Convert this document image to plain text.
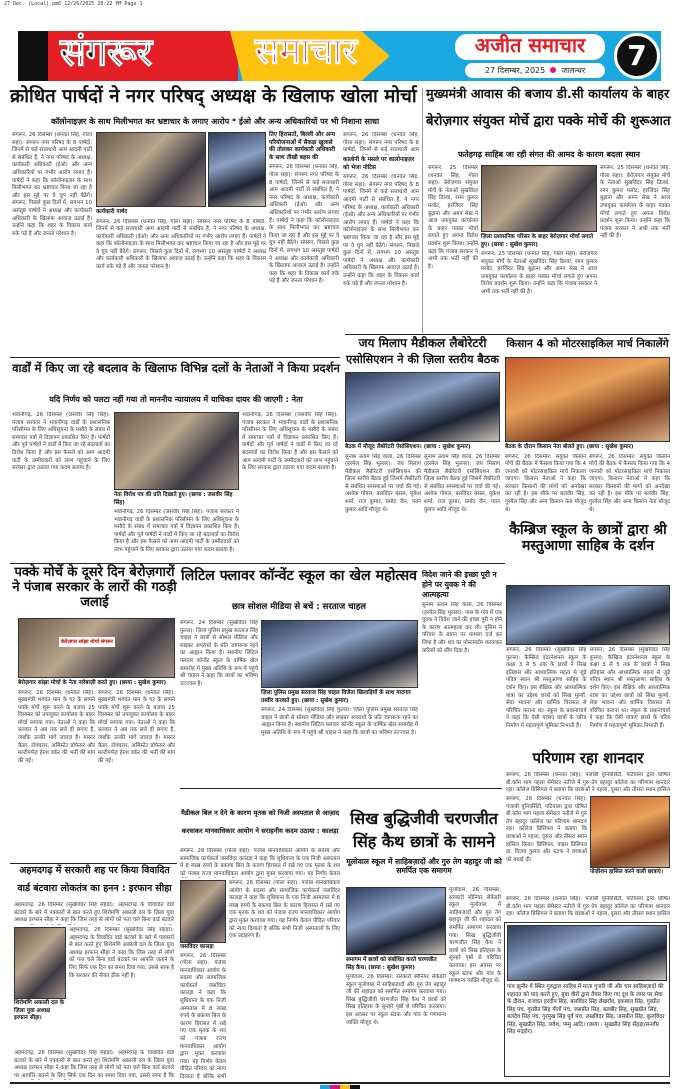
27 Dec. (Local).pm6 12/26/2025 10:22 PM Page 1
संगरूर	समाचार	अजीत समाचार
27 दिसम्बर, 2025 जालन्धर	7
क्रोधित पार्षदों ने नगर परिषद् अध्यक्ष के खिलाफ खोला मोर्चा
कॉलोनाइज़र के साथ मिलीभगत कर भ्रष्टाचार के लगाए आरोप * ईओ और अन्य अधिकारियों पर भी निशाना साधा
संगरूर, 26 दिसम्बर (धनवंत सिंह, गोला सहा): संगरूर नगर परिषद के 8 पार्षदों, जिनमें से कई सत्ताधारी आम आदमी पार्टी से संबंधित हैं, ने नगर परिषद के अध्यक्ष, कार्यकारी अधिकारी (ईओ) और अन्य अधिकारियों पर गंभीर आरोप लगाए हैं। पार्षदों ने कहा कि कॉलोनाइज़र के साथ मिलीभगत कर भ्रष्टाचार किया जा रहा है और इस मुद्दे पर वे चुप नहीं बैठेंगे। संगरूर, पिछले कुछ दिनों में, लगभग 10 असंतुष्ट पार्षदों ने अध्यक्ष और कार्यकारी अधिकारी के खिलाफ आवाज़ उठाई है। उन्होंने कहा कि शहर के विकास कार्य रुके पड़े हैं और जनता परेशान है।
कार्यकारी पार्षद
संगरूर, 26 दिसम्बर (धनवंत सिंह, गोला सहा): संगरूर नगर परिषद के 8 पार्षदों, जिनमें से कई सत्ताधारी आम आदमी पार्टी से संबंधित हैं, ने नगर परिषद के अध्यक्ष, कार्यकारी अधिकारी (ईओ) और अन्य अधिकारियों पर गंभीर आरोप लगाए हैं। पार्षदों ने कहा कि कॉलोनाइज़र के साथ मिलीभगत कर भ्रष्टाचार किया जा रहा है और इस मुद्दे पर वे चुप नहीं बैठेंगे। संगरूर, पिछले कुछ दिनों में, लगभग 10 असंतुष्ट पार्षदों ने अध्यक्ष और कार्यकारी अधिकारी के खिलाफ आवाज़ उठाई है। उन्होंने कहा कि शहर के विकास कार्य रुके पड़े हैं और जनता परेशान है।
तिए हिरासतों, बिल्ली और अन्य परियोजनाओं में सैकड़ा खुलासे की तोलकर कार्यकारी अधिकारी के साथ तीखी बहस की
संगरूर, 26 दिसम्बर (धनवंत सिंह, गोला सहा): संगरूर नगर परिषद के 8 पार्षदों, जिनमें से कई सत्ताधारी आम आदमी पार्टी से संबंधित हैं, ने नगर परिषद के अध्यक्ष, कार्यकारी अधिकारी (ईओ) और अन्य अधिकारियों पर गंभीर आरोप लगाए हैं। पार्षदों ने कहा कि कॉलोनाइज़र के साथ मिलीभगत कर भ्रष्टाचार किया जा रहा है और इस मुद्दे पर वे चुप नहीं बैठेंगे। संगरूर, पिछले कुछ दिनों में, लगभग 10 असंतुष्ट पार्षदों ने अध्यक्ष और कार्यकारी अधिकारी के खिलाफ आवाज़ उठाई है। उन्होंने कहा कि शहर के विकास कार्य रुके पड़े हैं और जनता परेशान है।
संगरूर, 26 दिसम्बर (धनवंत सिंह, गोला सहा): संगरूर नगर परिषद के 8 पार्षदों, जिनमें से कई सत्ताधारी आम
कालोनी के मसले पर कालोनाइज़र को भेजा नोटिस
संगरूर, 26 दिसम्बर (धनवंत सिंह, गोला सहा): संगरूर नगर परिषद के 8 पार्षदों, जिनमें से कई सत्ताधारी आम आदमी पार्टी से संबंधित हैं, ने नगर परिषद के अध्यक्ष, कार्यकारी अधिकारी (ईओ) और अन्य अधिकारियों पर गंभीर आरोप लगाए हैं। पार्षदों ने कहा कि कॉलोनाइज़र के साथ मिलीभगत कर भ्रष्टाचार किया जा रहा है और इस मुद्दे पर वे चुप नहीं बैठेंगे। संगरूर, पिछले कुछ दिनों में, लगभग 10 असंतुष्ट पार्षदों ने अध्यक्ष और कार्यकारी अधिकारी के खिलाफ आवाज़ उठाई है। उन्होंने कहा कि शहर के विकास कार्य रुके पड़े हैं और जनता परेशान है।
मुख्यमंत्री आवास की बजाय डी.सी कार्यालय के बाहर
बेरोज़गार संयुक्त मोर्चे द्वारा पक्के मोर्चे की शुरूआत
फतेहगढ़ साहिब जा रही संगत की आमद के कारण बदला स्थान
संगरूर, 25 दिसम्बर (धनवंत सिंह, गोला सहा): बेरोज़गार संयुक्त मोर्चे के नेताओं सुखविंदर सिंह ढिल्वां, रमन कुमार मलोट, हरजिंदर सिंह बुढ़ाना और अमन सेख ने आज उपायुक्त कार्यालय के बाहर पक्का मोर्चा लगाते हुए अपना विरोध प्रदर्शन शुरू किया। उन्होंने कहा कि पंजाब सरकार ने अभी तक भर्ती नहीं की है।
ज़िला प्रशासनिक परिसर के बाहर बेरोज़गार मोर्चा लगाते हुए। (छाया : सुखेश कुमार)
संगरूर, 25 दिसम्बर (धनवंत सिंह, गोला सहा): बेरोज़गार संयुक्त मोर्चे के नेताओं सुखविंदर सिंह ढिल्वां, रमन कुमार मलोट, हरजिंदर सिंह बुढ़ाना और अमन सेख ने आज उपायुक्त कार्यालय के बाहर पक्का मोर्चा लगाते हुए अपना विरोध प्रदर्शन शुरू किया। उन्होंने कहा कि पंजाब सरकार ने अभी तक भर्ती नहीं की है।
संगरूर, 25 दिसम्बर (धनवंत सिंह, गोला सहा): बेरोज़गार संयुक्त मोर्चे के नेताओं सुखविंदर सिंह ढिल्वां, रमन कुमार मलोट, हरजिंदर सिंह बुढ़ाना और अमन सेख ने आज उपायुक्त कार्यालय के बाहर पक्का मोर्चा लगाते हुए अपना विरोध प्रदर्शन शुरू किया। उन्होंने कहा कि पंजाब सरकार ने अभी तक भर्ती नहीं की है।
जय मिलाप मैडीकल लैबोरेटरी
एसोसिएशन ने की ज़िला स्तरीय बैठक
बैठक में मौजूद लैबोरेटरी ऐसोसिएशन। (छाया : सुखेश कुमार)
सुनाम ऊधम सिंह वाला, 26 दिसम्बर (हरमेल सिंह भुल्लर): जय मिलाप मैडीकल लैबोरेटरी एसोसिएशन की ज़िला स्तरीय बैठक हुई जिसमें लैबोरेटरी से संबंधित समस्याओं पर चर्चा की गई। अशोक गोयल, बलविंदर बंसल, मुकेश शर्मा, राज कुमार, प्रमोद जैन, पवन कुमार आदि मौजूद थे।
सुनाम ऊधम सिंह वाला, 26 दिसम्बर (हरमेल सिंह भुल्लर): जय मिलाप मैडीकल लैबोरेटरी एसोसिएशन की ज़िला स्तरीय बैठक हुई जिसमें लैबोरेटरी से संबंधित समस्याओं पर चर्चा की गई। अशोक गोयल, बलविंदर बंसल, मुकेश शर्मा, राज कुमार, प्रमोद जैन, पवन कुमार आदि मौजूद थे।
किसान 4 को मोटरसाइकिल मार्च निकालेंगे
बैठक के दौरान किसान नेता बोलते हुए। (छाया : सुखेश कुमार)
संगरूर, 26 दिसम्बर: संयुक्त किसान मोर्चे की बैठक में फैसला किया गया कि 4 जनवरी को मोटरसाइकिल मार्च निकाला जाएगा। किसान नेताओं ने कहा कि सरकार किसानों की मांगों को अनदेखा कर रही है। इस मौके पर बलवीर सिंह, गुरमेल सिंह और अन्य किसान नेता मौजूद थे।
संगरूर, 26 दिसम्बर: संयुक्त किसान मोर्चे की बैठक में फैसला किया गया कि 4 जनवरी को मोटरसाइकिल मार्च निकाला जाएगा। किसान नेताओं ने कहा कि सरकार किसानों की मांगों को अनदेखा कर रही है। इस मौके पर बलवीर सिंह, गुरमेल सिंह और अन्य किसान नेता मौजूद थे।
वार्डों में किए जा रहे बदलाव के खिलाफ विभिन्न दलों के नेताओं ने किया प्रदर्शन
यदि निर्णय को पलटा नहीं गया तो माननीय न्यायालय में याचिका दायर की जाएगी : नेता
भवानीगढ़, 26 दिसम्बर (जसवीर सिंह सिंह): पंजाब सरकार ने भवानीगढ़ वार्डों के प्रशासनिक परिसीमन के लिए अधिसूचना के मसौदे के संबंध में समाचार पत्रों में विज्ञापन प्रकाशित किए हैं। पार्षदों और पूर्व पार्षदों ने वार्डों में किए जा रहे बदलावों का विरोध किया है और इस फैसले को आम आदमी पार्टी के उम्मीदवारों को लाभ पहुंचाने के लिए सरकार द्वारा उठाया गया कदम बताया है।
नेता विरोध पत्र की प्रति दिखाते हुए। (छाया : जसवीर सिंह सिंह)
भवानीगढ़, 26 दिसम्बर (जसवीर सिंह सिंह): पंजाब सरकार ने भवानीगढ़ वार्डों के प्रशासनिक परिसीमन के लिए अधिसूचना के मसौदे के संबंध में समाचार पत्रों में विज्ञापन प्रकाशित किए हैं। पार्षदों और पूर्व पार्षदों ने वार्डों में किए जा रहे बदलावों का विरोध किया है और इस फैसले को आम आदमी पार्टी के उम्मीदवारों को लाभ पहुंचाने के लिए सरकार द्वारा उठाया गया कदम बताया है।
भवानीगढ़, 26 दिसम्बर (जसवीर सिंह सिंह): पंजाब सरकार ने भवानीगढ़ वार्डों के प्रशासनिक परिसीमन के लिए अधिसूचना के मसौदे के संबंध में समाचार पत्रों में विज्ञापन प्रकाशित किए हैं। पार्षदों और पूर्व पार्षदों ने वार्डों में किए जा रहे बदलावों का विरोध किया है और इस फैसले को आम आदमी पार्टी के उम्मीदवारों को लाभ पहुंचाने के लिए सरकार द्वारा उठाया गया कदम बताया है।
कैम्ब्रिज स्कूल के छात्रों द्वारा श्री मस्तुआणा साहिब के दर्शन
संगरूर, 26 दिसम्बर (सुखविंदर सिंह फुल्ल): कैम्ब्रिज इंटरनेशनल स्कूल के कक्षा 3 से 5 तक के छात्रों ने सिख इतिहास और आध्यात्मिक महत्व से जुड़े पवित्र स्थान श्री मस्तुआणा साहिब के दर्शन किए। इस शैक्षिक और आध्यात्मिक यात्रा का उद्देश्य छात्रों को सिख मूल्यों, सेवा भावना और धार्मिक विरासत से परिचित कराना था। स्कूल के प्रधानाचार्य ने कहा कि ऐसी यात्राएं छात्रों के चरित्र निर्माण में महत्वपूर्ण भूमिका निभाती हैं।
संगरूर, 26 दिसम्बर (सुखविंदर सिंह फुल्ल): कैम्ब्रिज इंटरनेशनल स्कूल के कक्षा 3 से 5 तक के छात्रों ने सिख इतिहास और आध्यात्मिक महत्व से जुड़े पवित्र स्थान श्री मस्तुआणा साहिब के दर्शन किए। इस शैक्षिक और आध्यात्मिक यात्रा का उद्देश्य छात्रों को सिख मूल्यों, सेवा भावना और धार्मिक विरासत से परिचित कराना था। स्कूल के प्रधानाचार्य ने कहा कि ऐसी यात्राएं छात्रों के चरित्र निर्माण में महत्वपूर्ण भूमिका निभाती हैं।
पक्के मोर्चे के दूसरे दिन बेरोज़गारों ने पंजाब सरकार के लारों की गठड़ी जलाई
बेरोज़गार सांझा मोर्चा संगरूर
बेरोज़गार सांझा मोर्चा के नेता नारेबाज़ी करते हुए। (छाया : सुखेश कुमार)
संगरूर, 26 दिसम्बर (धनवंत सिंह): मुख्यमंत्री भगवंत मान के घर के सामने पक्के मोर्चे शुरू करने के बजाय 25 दिसम्बर को उपायुक्त कार्यालय के बाहर मोर्चा लगाया गया। नेताओं ने कहा कि सरकार ने अब तक लारे ही लगाए हैं, जबकि उनकी मांगें जायज़ हैं। मास्टर कैडर, लेक्चरार, असिस्टेंट प्रोफेसर और मल्टीपर्पज़ हेल्थ वर्कर की भर्ती की मांग की गई।
संगरूर, 26 दिसम्बर (धनवंत सिंह): मुख्यमंत्री भगवंत मान के घर के सामने पक्के मोर्चे शुरू करने के बजाय 25 दिसम्बर को उपायुक्त कार्यालय के बाहर मोर्चा लगाया गया। नेताओं ने कहा कि सरकार ने अब तक लारे ही लगाए हैं, जबकि उनकी मांगें जायज़ हैं। मास्टर कैडर, लेक्चरार, असिस्टेंट प्रोफेसर और मल्टीपर्पज़ हेल्थ वर्कर की भर्ती की मांग की गई।
लिटिल फ्लावर कॉन्वेंट स्कूल का खेल महोत्सव
छात्र सोशल मीडिया से बचें : सरताज चाहल
संगरूर, 24 दिसम्बर (सुखविंदर सिंह फुल्ल): ज़िला पुलिस प्रमुख सरताज सिंह चाहल ने छात्रों से सोशल मीडिया और साइबर अपराधों के प्रति जागरूक रहने का आह्वान किया है। स्थानीय लिटिल फ्लावर कॉन्वेंट स्कूल के वार्षिक खेल समारोह में मुख्य अतिथि के रूप में पहुंचे श्री चाहल ने कहा कि छात्रों का भविष्य उज्ज्वल है।
ज़िला पुलिस प्रमुख सरताज सिंह चाहल विजेता खिलाड़ियों के साथ यादगार तस्वीर करवाते हुए। (छाया : सुखेश कुमार)
संगरूर, 24 दिसम्बर (सुखविंदर सिंह फुल्ल): ज़िला पुलिस प्रमुख सरताज सिंह चाहल ने छात्रों से सोशल मीडिया और साइबर अपराधों के प्रति जागरूक रहने का आह्वान किया है। स्थानीय लिटिल फ्लावर कॉन्वेंट स्कूल के वार्षिक खेल समारोह में मुख्य अतिथि के रूप में पहुंचे श्री चाहल ने कहा कि छात्रों का भविष्य उज्ज्वल है।
विदेश जाने की इच्छा पूरी न होने पर युवक ने की आत्महत्या
सुनाम ऊधम सिंह वाला, 26 दिसम्बर (हरमेल सिंह भुल्लर): पास के गांव में एक युवक ने विदेश जाने की इच्छा पूरी न होने के कारण आत्महत्या कर ली। पुलिस ने परिवार के बयान पर मामला दर्ज कर लिया है और शव का पोस्टमार्टम करवाकर वारिसों को सौंप दिया है।
परिणाम रहा शानदार
संगरूर, 26 दिसम्बर (धनवंत सिंह): पंजाबी यूनिवर्सिटी, पटियाला द्वारा घोषित बी.कॉम भाग पहला सेमेस्टर नतीजे में गुरु तेग बहादुर कॉलेज का परिणाम शानदार रहा। कॉलेज प्रिंसिपल ने बताया कि छात्राओं ने पहला, दूसरा और तीसरा स्थान हासिल
संगरूर, 26 दिसम्बर (धनवंत सिंह): पंजाबी यूनिवर्सिटी, पटियाला द्वारा घोषित बी.कॉम भाग पहला सेमेस्टर नतीजे में गुरु तेग बहादुर कॉलेज का परिणाम शानदार रहा। कॉलेज प्रिंसिपल ने बताया कि छात्राओं ने पहला, दूसरा और तीसरा स्थान हासिल किया। प्रिंसिपल, वाइस प्रिंसिपल डा. विजय कुमार और स्टाफ ने छात्राओं को बधाई दी।
पोज़ीशन हासिल करने वाली छात्राएं।
संगरूर, 26 दिसम्बर (धनवंत सिंह): पंजाबी यूनिवर्सिटी, पटियाला द्वारा घोषित बी.कॉम भाग पहला सेमेस्टर नतीजे में गुरु तेग बहादुर कॉलेज का परिणाम शानदार रहा। कॉलेज प्रिंसिपल ने बताया कि छात्राओं ने पहला, दूसरा और तीसरा स्थान हासिल
मैडीकल बिल न देने के कारण मृतक को निजी अस्पताल से आज़ाद
करवाकर मानवाधिकार आयोग ने सराहनीय कदम उठाया : कालड़ा
संगरूर, 26 दिसम्बर (गोला सहा): पंजाब मानवाधिकार आयोग के सदस्य और सामाजिक कार्यकर्ता जसविंदर कालड़ा ने कहा कि लुधियाना के एक निजी अस्पताल में 8 लाख रुपये के बकाया बिल के कारण हिरासत में रखे गए एक मृतक के शव को पंजाब राज्य मानवाधिकार आयोग द्वारा मुक्त करवाया गया। यह निर्णय केवल
जसविंदर कालड़ा
संगरूर, 26 दिसम्बर (गोला सहा): पंजाब मानवाधिकार आयोग के सदस्य और सामाजिक कार्यकर्ता जसविंदर कालड़ा ने कहा कि लुधियाना के एक निजी अस्पताल में 8 लाख रुपये के बकाया बिल के कारण हिरासत में रखे गए एक मृतक के शव को पंजाब राज्य मानवाधिकार आयोग द्वारा मुक्त करवाया गया। यह निर्णय केवल पीड़ित परिवार को न्याय दिलाता है बल्कि सभी
संगरूर, 26 दिसम्बर (गोला सहा): पंजाब मानवाधिकार आयोग के सदस्य और सामाजिक कार्यकर्ता जसविंदर कालड़ा ने कहा कि लुधियाना के एक निजी अस्पताल में 8 लाख रुपये के बकाया बिल के कारण हिरासत में रखे गए एक मृतक के शव को पंजाब राज्य मानवाधिकार आयोग द्वारा मुक्त करवाया गया। यह निर्णय केवल पीड़ित परिवार को न्याय दिलाता है बल्कि सभी निजी अस्पतालों के लिए एक उदाहरण है।
सिख बुद्धिजीवी चरणजीत
सिंह कैथ छात्रों के सामने
मूलोवाल स्कूल में साहिबज़ादों और गुरु तेग बहादुर जी को समर्पित एक समागम
समागम में छात्रों को संबोधित करते चरणजीत सिंह कैथ। (छाया : सुखेश कुमार)
मूलोवाल, 26 दिसम्बर: सरकारी सीनियर सेकेंडरी स्कूल मूलोवाल में साहिबज़ादों और गुरु तेग बहादुर जी की शहादत को समर्पित समागम करवाया गया। सिख बुद्धिजीवी चरणजीत सिंह कैथ ने छात्रों को सिख इतिहास के सुनहरे पृष्ठों से परिचित करवाया। इस अवसर पर स्कूल स्टाफ और गांव के गणमान्य व्यक्ति मौजूद थे।
मूलोवाल, 26 दिसम्बर: सरकारी सीनियर सेकेंडरी स्कूल मूलोवाल में साहिबज़ादों और गुरु तेग बहादुर जी की शहादत को समर्पित समागम करवाया गया। सिख बुद्धिजीवी चरणजीत सिंह कैथ ने छात्रों को सिख इतिहास के सुनहरे पृष्ठों से परिचित करवाया। इस अवसर पर स्कूल स्टाफ और गांव के गणमान्य व्यक्ति मौजूद थे।
अहमदगढ़ में सरकारी शह पर किया विवादित
वार्ड बंटवारा लोकतंत्र का हनन : इरफान सीहा
अहमदगढ़, 26 दिसम्बर (सुखविंदर सिंह सेंहड़ा): अहमदगढ़ के विवादित वार्ड बंटवारे के बारे में पत्रकारों से बात करते हुए शिरोमणि अकाली दल के ज़िला युवा अध्यक्ष इरफान सीहा ने कहा कि जिस तरह से लोगों को पता चले बिना वार्ड बंटवारे
शिरोमणि अकाली दल के ज़िला युवा अध्यक्ष इरफान सीहा।
अहमदगढ़, 26 दिसम्बर (सुखविंदर सिंह सेंहड़ा): अहमदगढ़ के विवादित वार्ड बंटवारे के बारे में पत्रकारों से बात करते हुए शिरोमणि अकाली दल के ज़िला युवा अध्यक्ष इरफान सीहा ने कहा कि जिस तरह से लोगों को पता चले बिना वार्ड बंटवारे पर आपत्ति जताने के लिए सिर्फ एक दिन का समय दिया गया, उससे साफ है कि सरकार की नीयत ठीक नहीं है।
अहमदगढ़, 26 दिसम्बर (सुखविंदर सिंह सेंहड़ा): अहमदगढ़ के विवादित वार्ड बंटवारे के बारे में पत्रकारों से बात करते हुए शिरोमणि अकाली दल के ज़िला युवा अध्यक्ष इरफान सीहा ने कहा कि जिस तरह से लोगों को पता चले बिना वार्ड बंटवारे पर आपत्ति जताने के लिए सिर्फ एक दिन का समय दिया गया, उससे साफ है कि
गांव झुनीर में स्थित गुरुद्वारा साहिब में माता गुजरी जी और चार साहिबज़ादों की शहादत को याद करते हुए, युवा वीरों द्वारा तैयार किए गए दूध के लंगर पर सेवा के दौरान, राजवंत हरदीप सिंह, बलविंदर सिंह सेखराँव, इकबाल सिंह, गुरप्रीत सिंह पंच, गुरप्रीत सिंह गीतों पंच, जसप्रीत सिंह, बलबीर सिंह, सुखप्रीत सिंह, बलदेव सिंह पंच, गुरमुख सिंह पूर्व पंच, लखविंदर सिंह, जसप्रीत सिंह, कुलविंदर सिंह, सुखप्रीत सिंह, लवेश, पम्मु आदि। (छाया : सुखप्रीत सिंह सेंहड़ा/सनवीर सिंह मदहोर)
